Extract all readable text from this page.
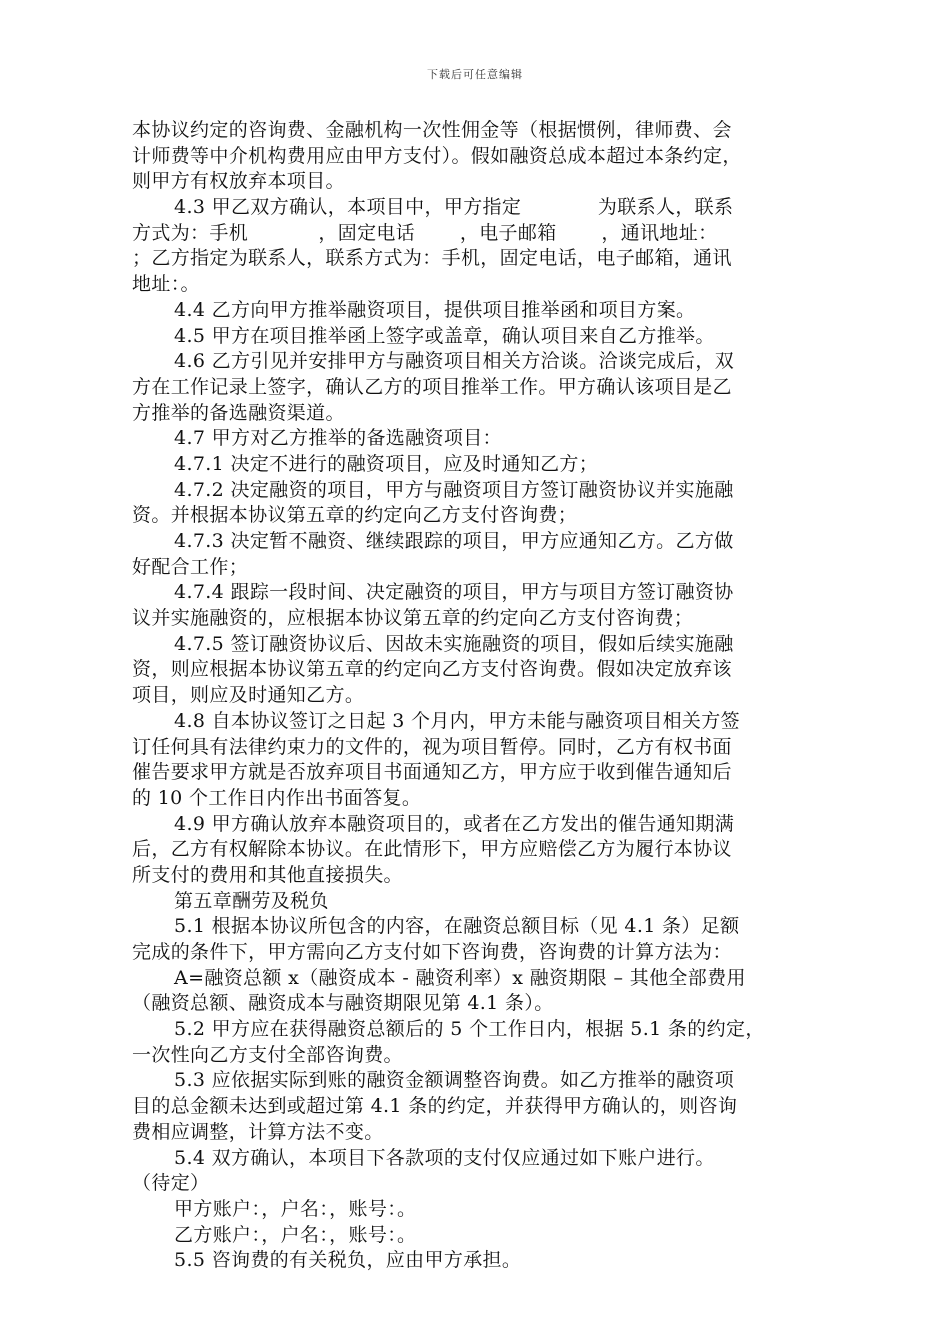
下载后可任意编辑
本协议约定的咨询费、金融机构一次性佣金等（根据惯例，律师费、会
计师费等中介机构费用应由甲方支付）。假如融资总成本超过本条约定，
则甲方有权放弃本项目。
4.3 甲乙双方确认，本项目中，甲方指定            为联系人，联系
方式为：手机           ，固定电话       ，电子邮箱       ，通讯地址：
；乙方指定为联系人，联系方式为：手机，固定电话，电子邮箱，通讯
地址：。
4.4 乙方向甲方推举融资项目，提供项目推举函和项目方案。
4.5 甲方在项目推举函上签字或盖章，确认项目来自乙方推举。
4.6 乙方引见并安排甲方与融资项目相关方洽谈。洽谈完成后，双
方在工作记录上签字，确认乙方的项目推举工作。甲方确认该项目是乙
方推举的备选融资渠道。
4.7 甲方对乙方推举的备选融资项目：
4.7.1 决定不进行的融资项目，应及时通知乙方；
4.7.2 决定融资的项目，甲方与融资项目方签订融资协议并实施融
资。并根据本协议第五章的约定向乙方支付咨询费；
4.7.3 决定暂不融资、继续跟踪的项目，甲方应通知乙方。乙方做
好配合工作；
4.7.4 跟踪一段时间、决定融资的项目，甲方与项目方签订融资协
议并实施融资的，应根据本协议第五章的约定向乙方支付咨询费；
4.7.5 签订融资协议后、因故未实施融资的项目，假如后续实施融
资，则应根据本协议第五章的约定向乙方支付咨询费。假如决定放弃该
项目，则应及时通知乙方。
4.8 自本协议签订之日起 3 个月内，甲方未能与融资项目相关方签
订任何具有法律约束力的文件的，视为项目暂停。同时，乙方有权书面
催告要求甲方就是否放弃项目书面通知乙方，甲方应于收到催告通知后
的 10 个工作日内作出书面答复。
4.9 甲方确认放弃本融资项目的，或者在乙方发出的催告通知期满
后，乙方有权解除本协议。在此情形下，甲方应赔偿乙方为履行本协议
所支付的费用和其他直接损失。
第五章酬劳及税负
5.1 根据本协议所包含的内容，在融资总额目标（见 4.1 条）足额
完成的条件下，甲方需向乙方支付如下咨询费，咨询费的计算方法为：
A=融资总额 x（融资成本 - 融资利率）x 融资期限 – 其他全部费用
（融资总额、融资成本与融资期限见第 4.1 条）。
5.2 甲方应在获得融资总额后的 5 个工作日内，根据 5.1 条的约定，
一次性向乙方支付全部咨询费。
5.3 应依据实际到账的融资金额调整咨询费。如乙方推举的融资项
目的总金额未达到或超过第 4.1 条的约定，并获得甲方确认的，则咨询
费相应调整，计算方法不变。
5.4 双方确认，本项目下各款项的支付仅应通过如下账户进行。
（待定）
甲方账户：，户名：，账号：。
乙方账户：，户名：，账号：。
5.5 咨询费的有关税负，应由甲方承担。
